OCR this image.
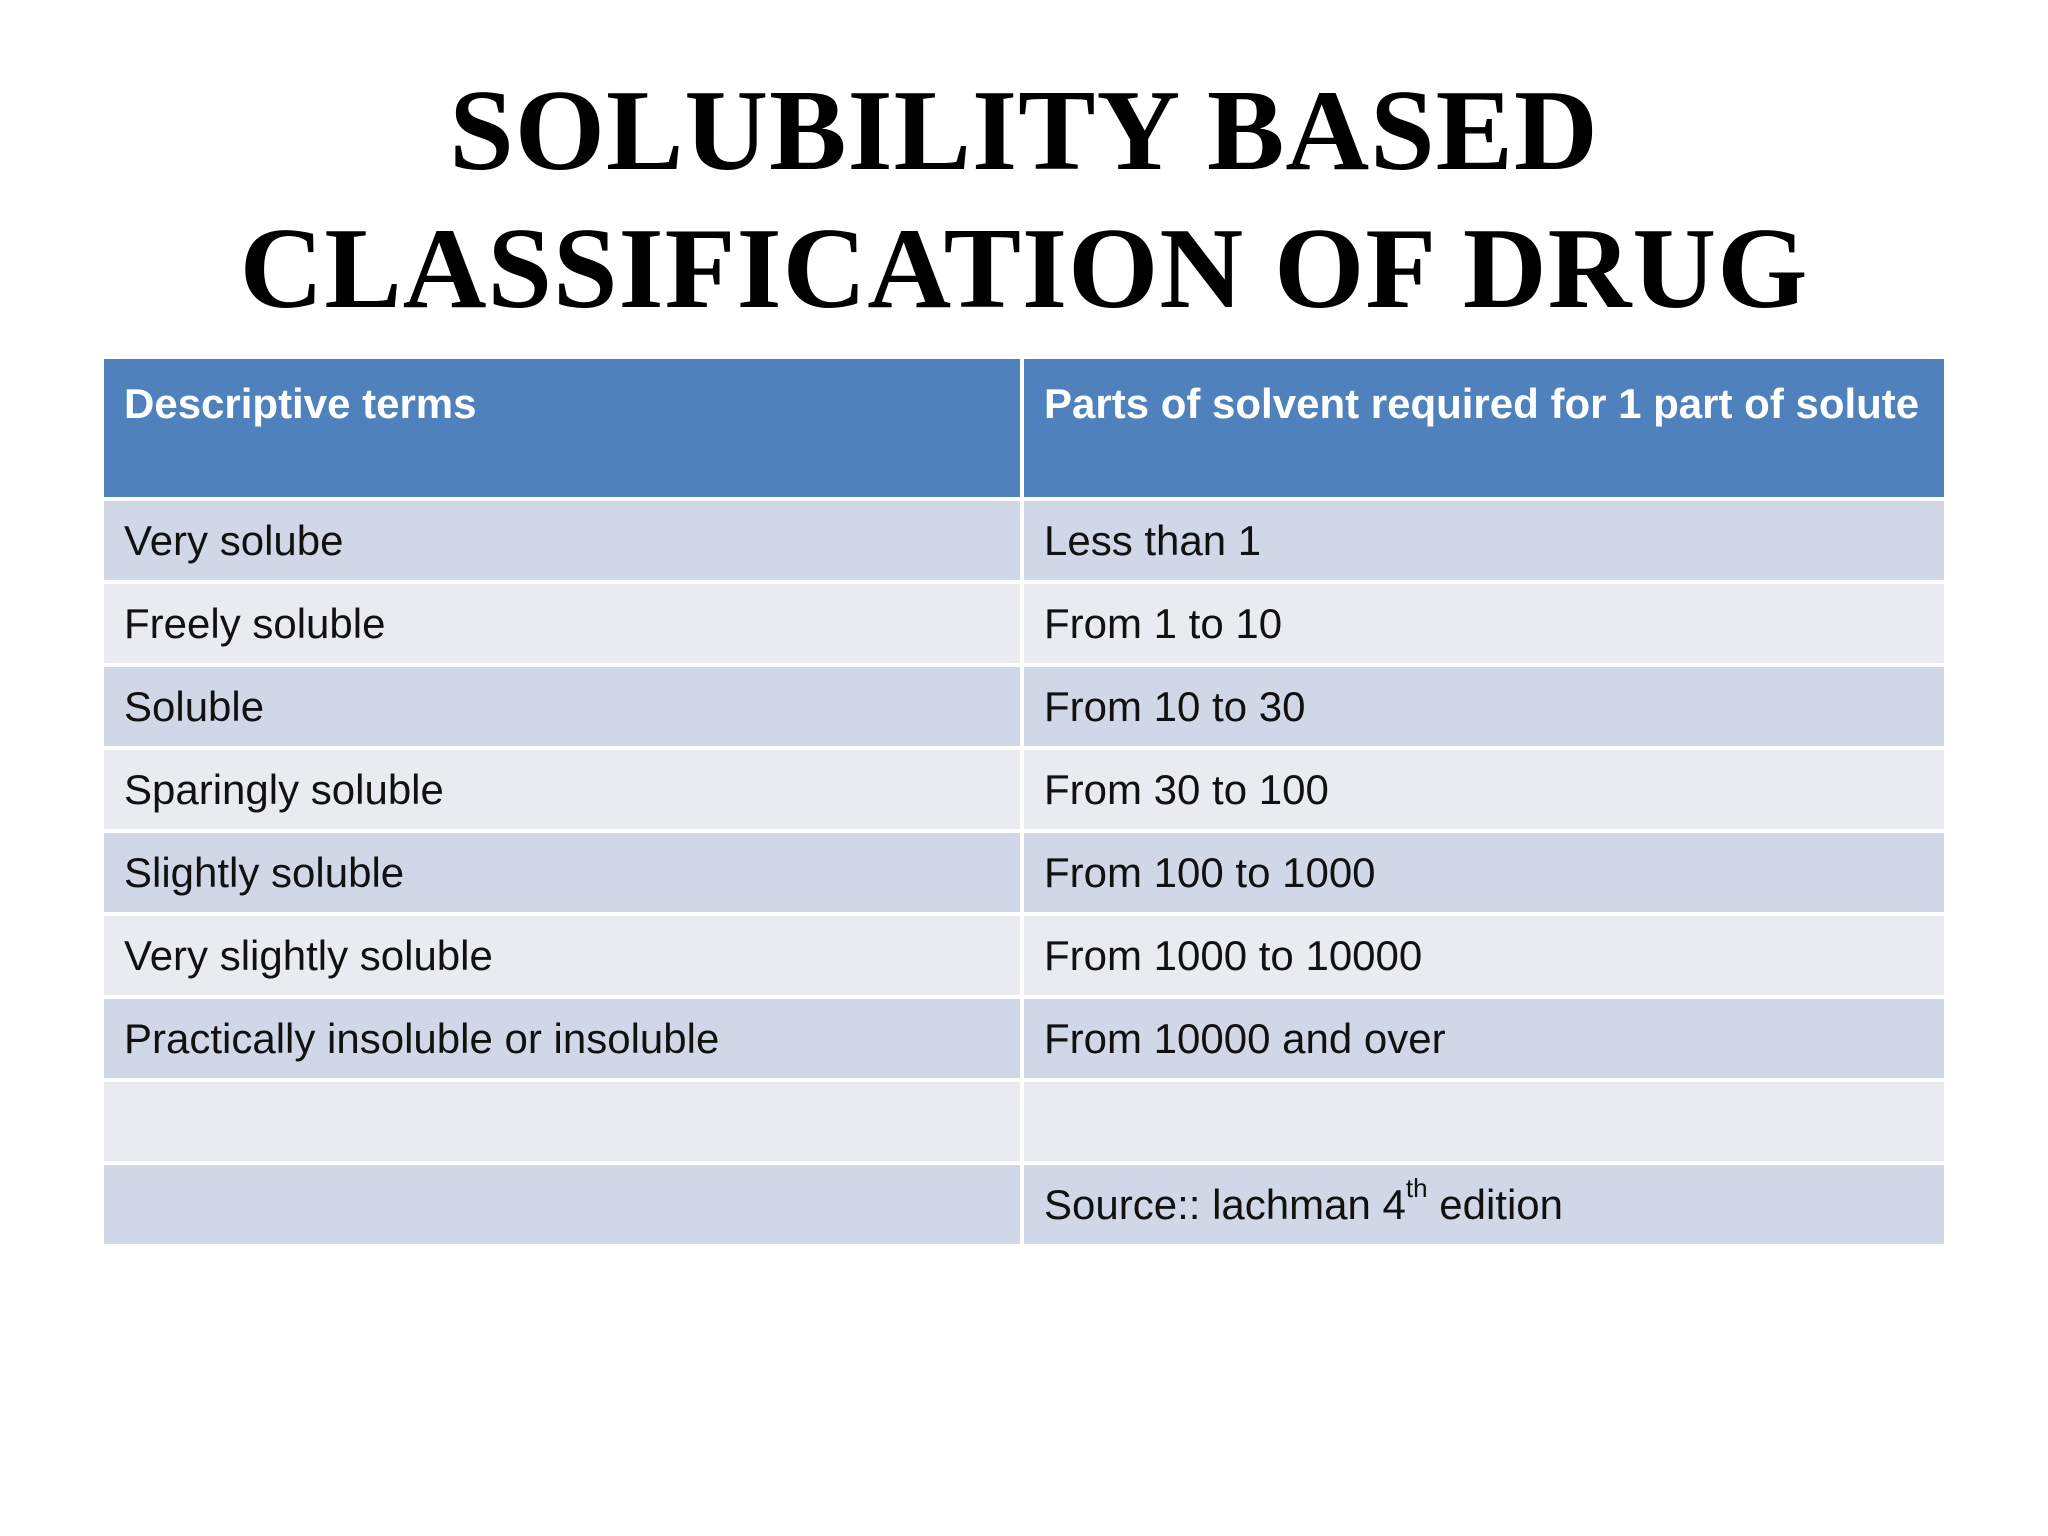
SOLUBILITY BASED
CLASSIFICATION OF DRUG
Descriptive terms	Parts of solvent required for 1 part of solute
Very solube	Less than 1
Freely soluble	From 1 to 10
Soluble	From 10 to 30
Sparingly soluble	From 30 to 100
Slightly soluble	From 100 to 1000
Very slightly soluble	From 1000 to 10000
Practically insoluble or insoluble	From 10000 and over
Source:: lachman 4th edition
